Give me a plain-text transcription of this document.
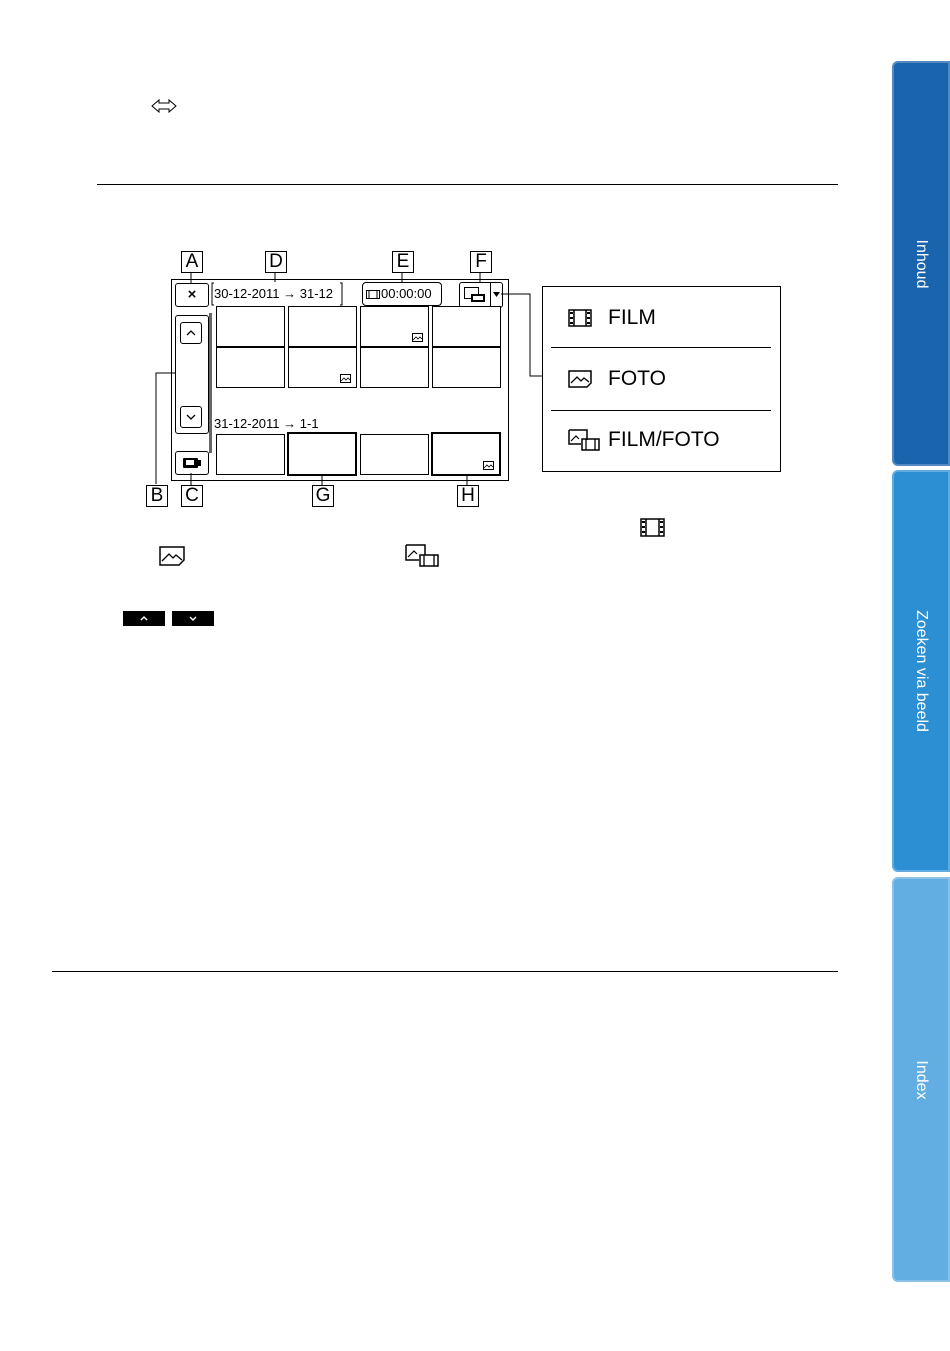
×	30-12-2011 → 31-12	00:00:00
31-12-2011 → 1-1
A	D	E	F
B C	G	H
FILM
FOTO
FILM/FOTO
Inhoud
Zoeken via beeld
Index
